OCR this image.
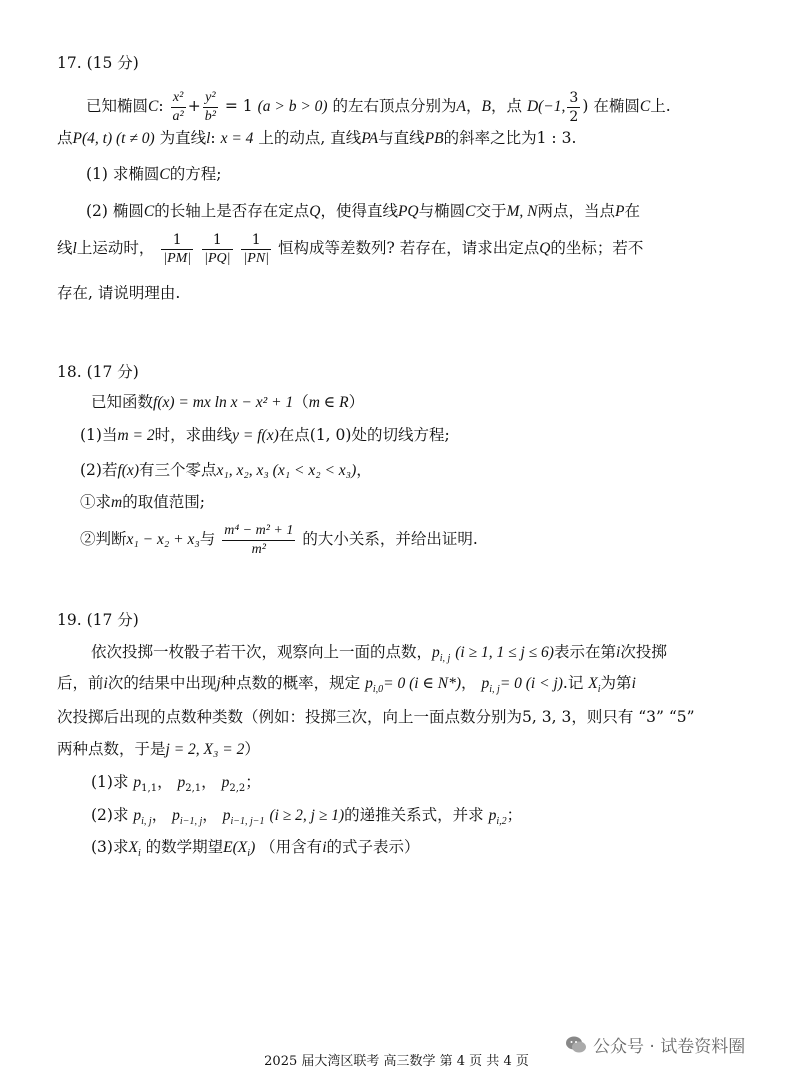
17. (15 分)
已知椭圆C: $\frac{\text{x²}}{\text{a²}} + \frac{\text{y²}}{\text{b²}} = 1$ (a > b > 0) 的左右顶点分别为A，B，点 D(−1, $\frac{3}{2}$ ) 在椭圆C上.
点P(4, t) (t ≠ 0) 为直线l: x = 4 上的动点, 直线PA与直线PB的斜率之比为1 : 3.
(1) 求椭圆C的方程;
(2) 椭圆C的长轴上是否存在定点Q，使得直线PQ与椭圆C交于M, N两点，当点P在
线l上运动时， $\frac{1}{|PM|}$
$\frac{1}{|PQ|}$
$\frac{1}{|PN|}$ 恒构成等差数列? 若存在，请求出定点Q的坐标；若不
存在, 请说明理由.
18. (17 分)
已知函数f(x) = mx ln x − x² + 1（m ∈ R）
(1)当m = 2时，求曲线y = f(x)在点(1, 0)处的切线方程;
(2)若f(x)有三个零点x₁, x₂, x₃ (x₁ < x₂ < x₃)，
①求m的取值范围;
②判断x₁ − x₂ + x₃与 $\frac{\text{m⁴ − m² + 1}}{\text{m²}}$ 的大小关系，并给出证明.
19. (17 分)
依次投掷一枚骰子若干次，观察向上一面的点数，$p_{i, j}$ (i ≥ 1, 1 ≤ j ≤ 6)表示在第i次投掷
后，前i次的结果中出现j种点数的概率，规定 $p_{i,0}= 0$ (i ∈ N*)， $p_{i, j}= 0$ (i < j).记 $X_i$为第i
次投掷后出现的点数种类数（例如：投掷三次，向上一面点数分别为5, 3, 3，则只有 “3” “5”
两种点数，于是j = 2, X₃ = 2）
(1)求 $p_{1,1}$， $p_{2,1}$， $p_{2,2}$；
(2)求 $p_{i, j}$， $p_{i-1, j}$， $p_{i-1, j-1}$ (i ≥ 2, j ≥ 1)的递推关系式，并求 $p_{i,2}$；
(3)求$X_i$ 的数学期望$E(X_i)$ （用含有i的式子表示）
公众号 · 试卷资料圈
2025 届大湾区联考 高三数学 第 4 页 共 4 页
